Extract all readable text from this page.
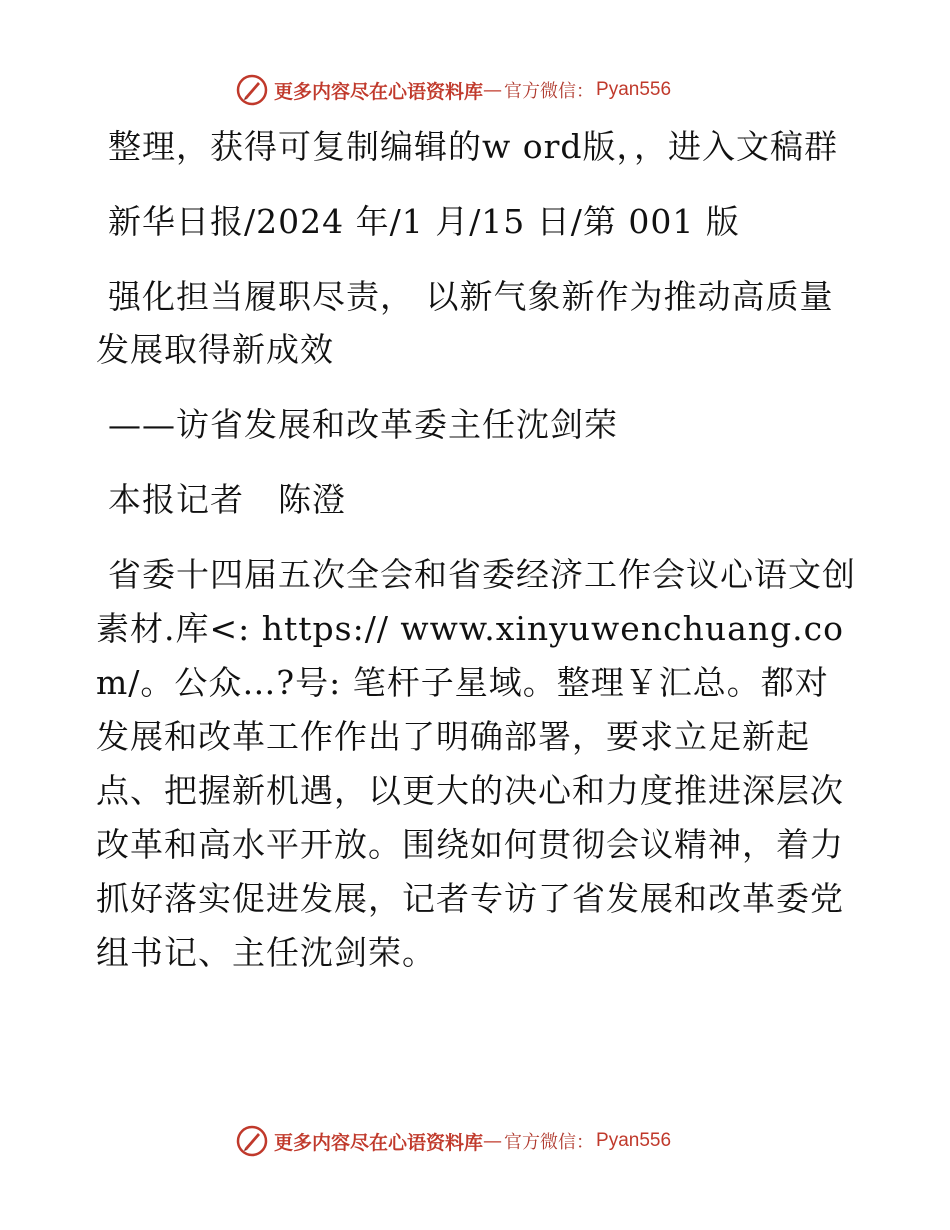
更多内容尽在心语资料库 — 官方微信： Pyan556

整理，获得可复制编辑的w ord版，，进入文稿群

新华日报/2024 年/1 月/15 日/第 001 版

强化担当履职尽责， 以新气象新作为推动高质量发展取得新成效

——访省发展和改革委主任沈剑荣

本报记者　陈澄

省委十四届五次全会和省委经济工作会议心语文创素材.库<: https:// www.xinyuwenchuang.com/。公众…?号: 笔杆子星域。整理￥汇总。都对发展和改革工作作出了明确部署，要求立足新起点、把握新机遇，以更大的决心和力度推进深层次改革和高水平开放。围绕如何贯彻会议精神，着力抓好落实促进发展，记者专访了省发展和改革委党组书记、主任沈剑荣。

更多内容尽在心语资料库 — 官方微信： Pyan556
